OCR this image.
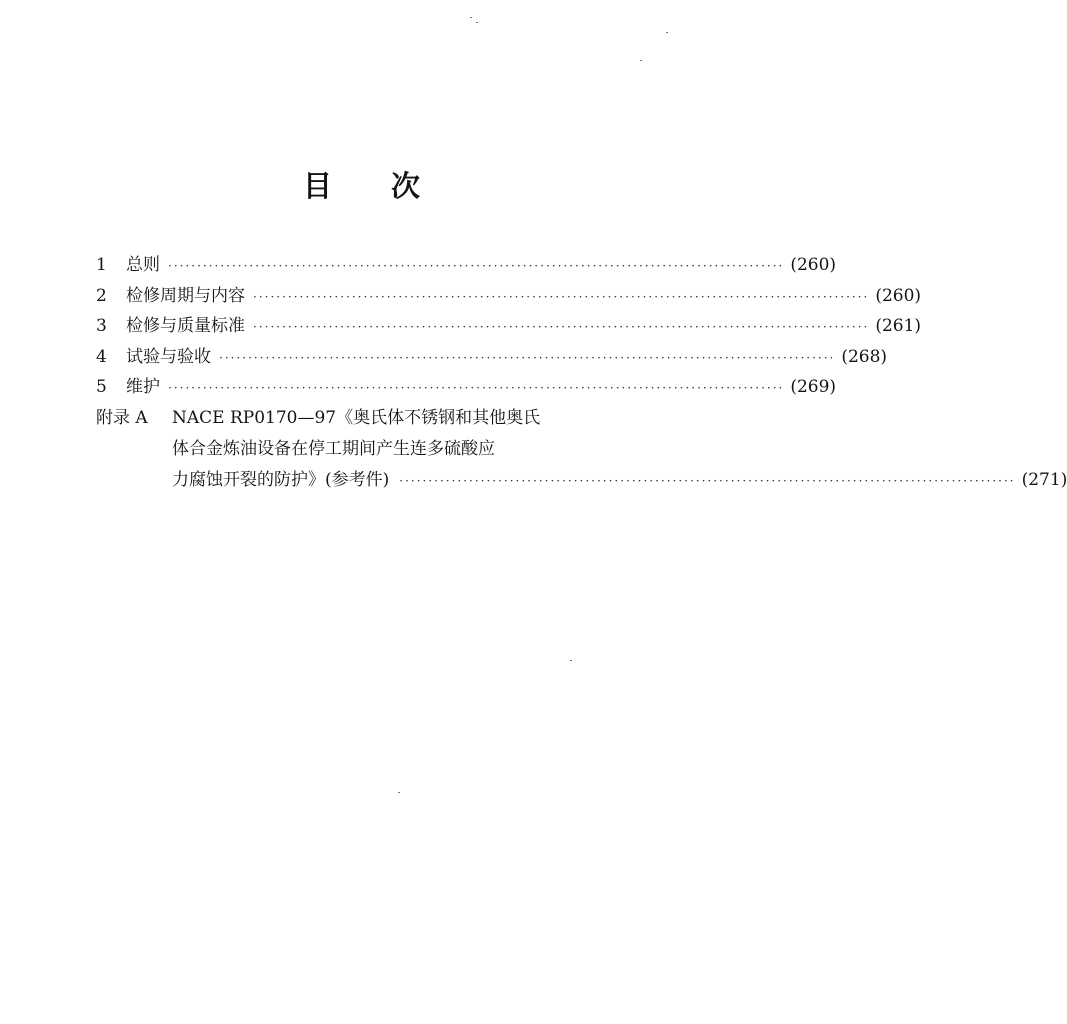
目 次
1	总则 ·····	(260)
2	检修周期与内容 ·····	(260)
3	检修与质量标准 ·····	(261)
4	试验与验收 ·····	(268)
5	维护 ·····	(269)
附录 A	NACE RP0170—97《奥氏体不锈钢和其他奥氏
体合金炼油设备在停工期间产生连多硫酸应
力腐蚀开裂的防护》(参考件) ·····	(271)
